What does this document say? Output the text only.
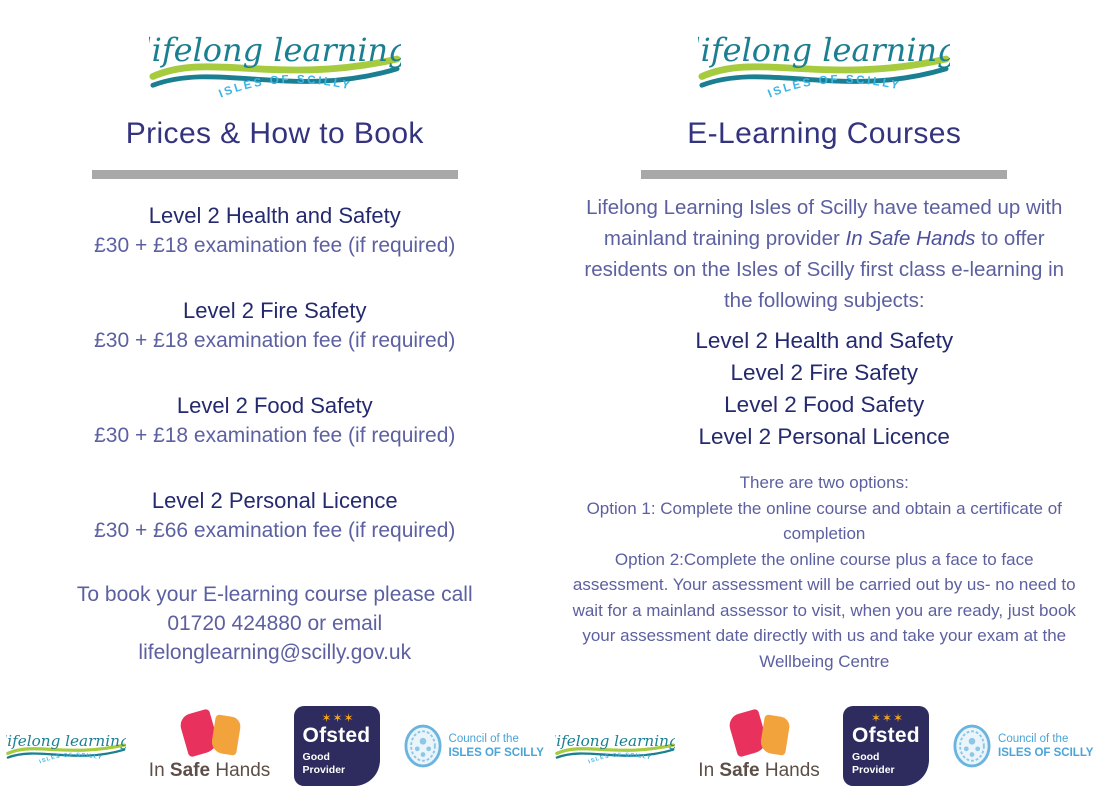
Prices & How to Book
Level 2 Health and Safety
£30 + £18 examination fee (if required)
Level 2 Fire Safety
£30 + £18 examination fee (if required)
Level 2 Food Safety
£30 + £18 examination fee (if required)
Level 2 Personal Licence
£30 + £66 examination fee (if required)
To book your E-learning course please call
01720 424880 or email
lifelonglearning@scilly.gov.uk
In Safe Hands
✶✶✶
Ofsted
Good
Provider
Council of the
ISLES OF SCILLY
E-Learning Courses

Lifelong Learning Isles of Scilly have teamed up with mainland training provider In Safe Hands to offer residents on the Isles of Scilly first class e-learning in the following subjects:

Level 2 Health and Safety
Level 2 Fire Safety
Level 2 Food Safety
Level 2 Personal Licence

There are two options:

Option 1: Complete the online course and obtain a certificate of completion

Option 2:Complete the online course plus a face to face assessment. Your assessment will be carried out by us- no need to wait for a mainland assessor to visit, when you are ready, just book your assessment date directly with us and take your exam at the Wellbeing Centre

In Safe Hands
✶✶✶
Ofsted
Good
Provider
Council of the
ISLES OF SCILLY
